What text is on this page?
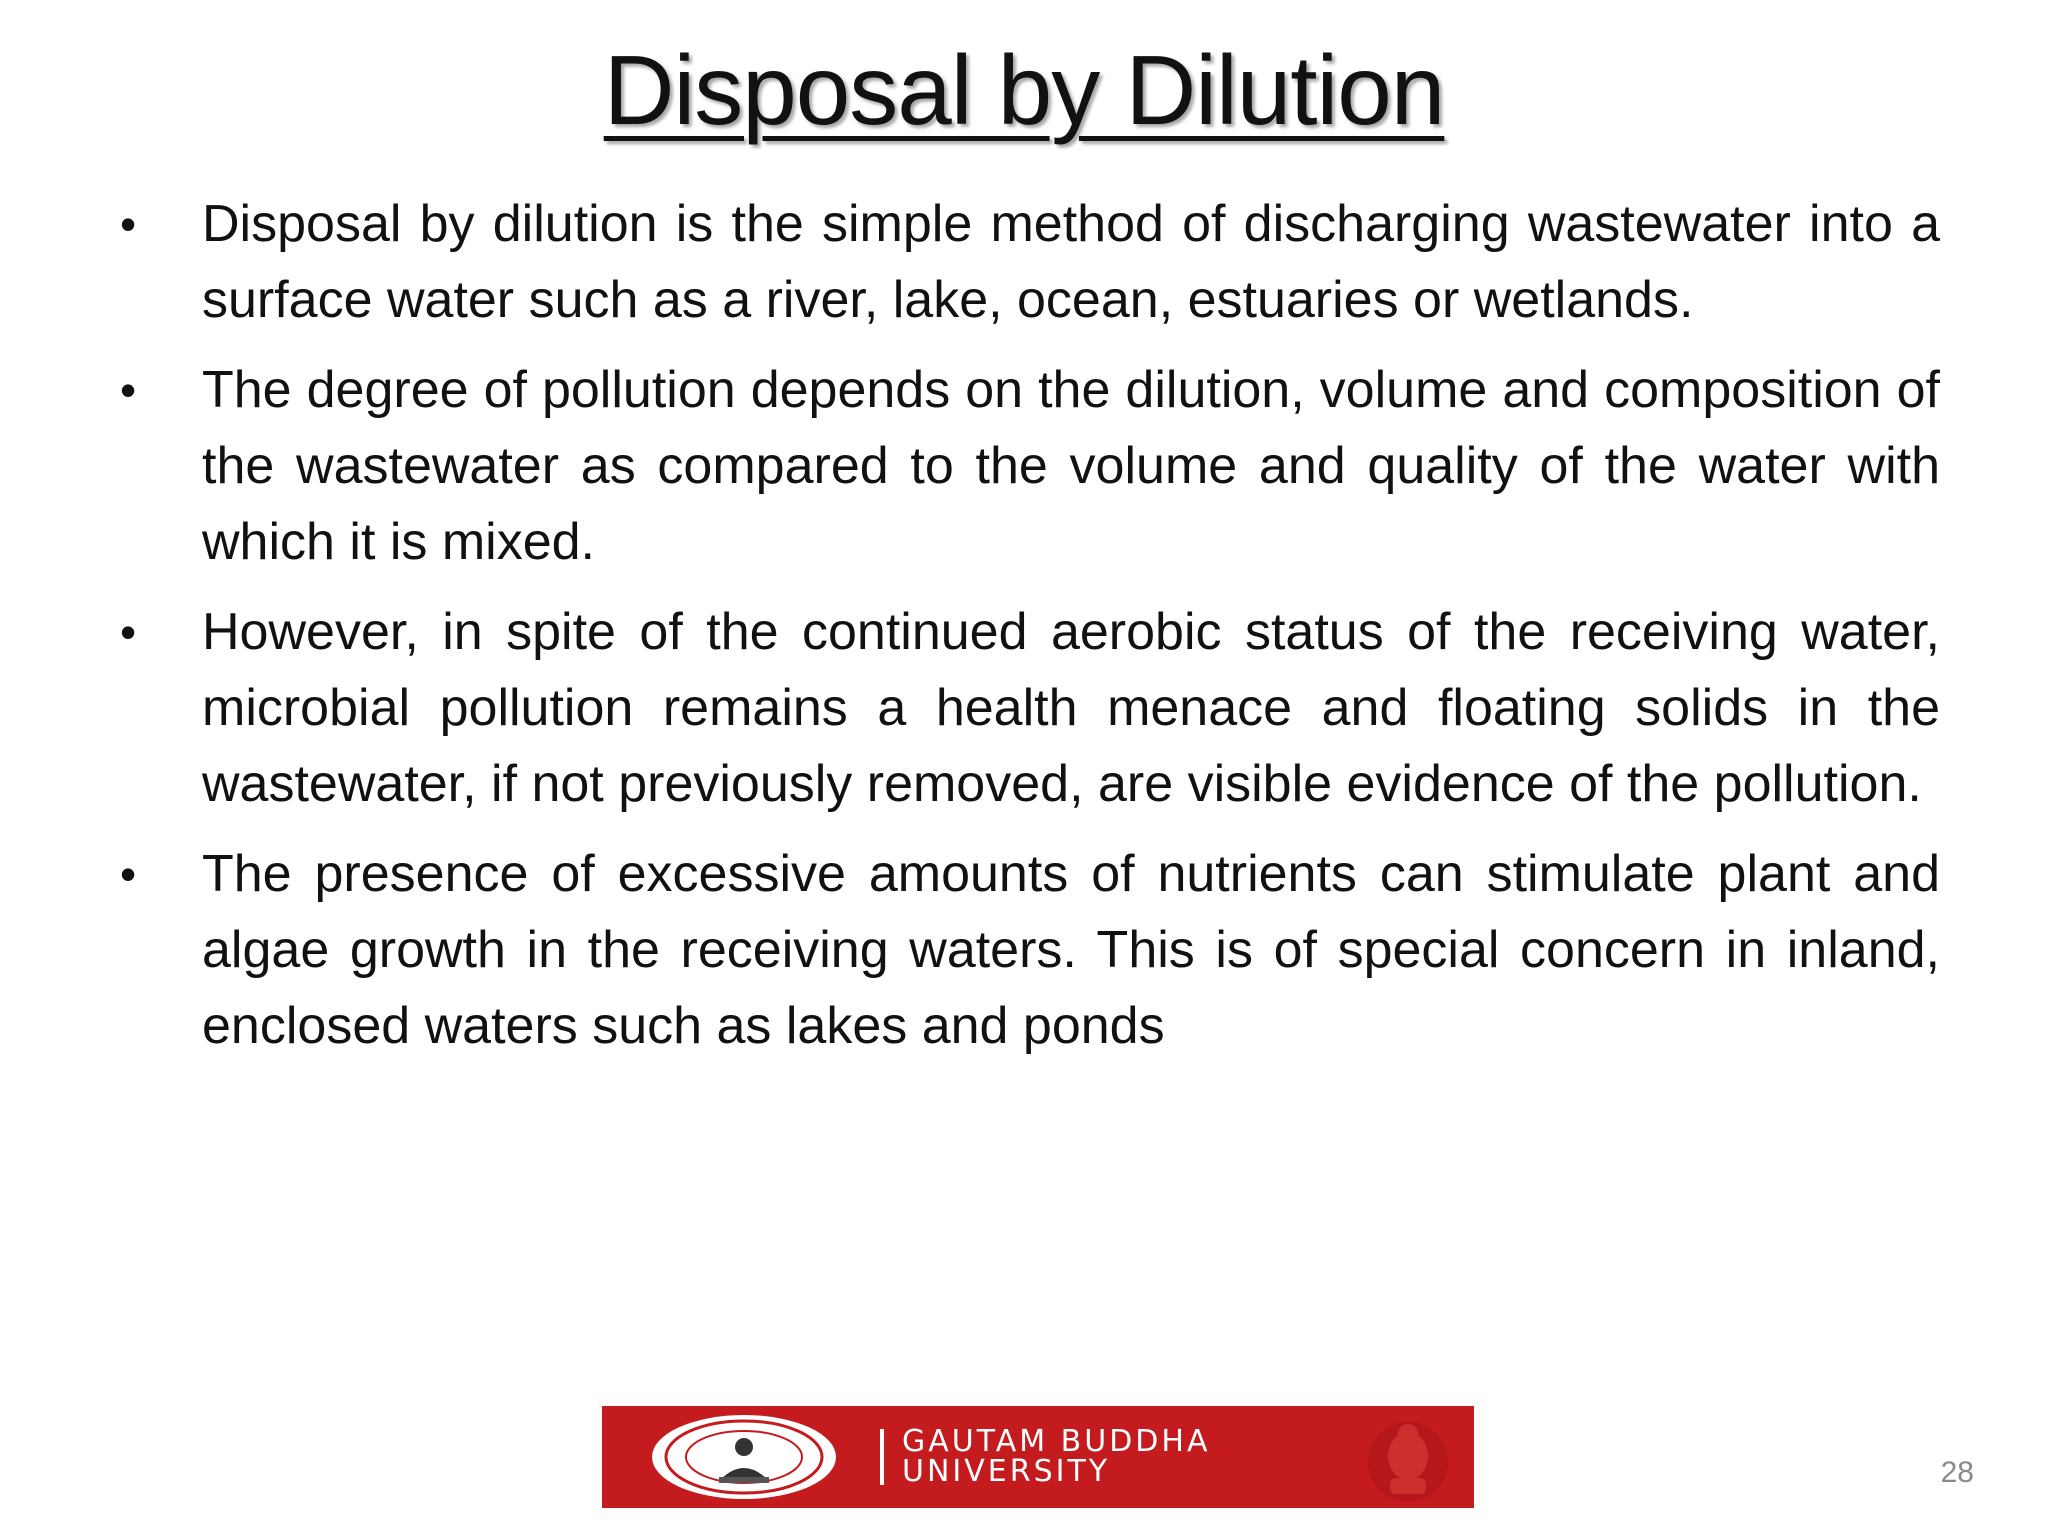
Disposal by Dilution
•	Disposal by dilution is the simple method of discharging wastewater into a surface water such as a river, lake, ocean, estuaries or wetlands.
•	The degree of pollution depends on the dilution, volume and composition of the wastewater as compared to the volume and quality of the water with which it is mixed.
•	However, in spite of the continued aerobic status of the receiving water, microbial pollution remains a health menace and floating solids in the wastewater, if not previously removed, are visible evidence of the pollution.
•	The presence of excessive amounts of nutrients can stimulate plant and algae growth in the receiving waters. This is of special concern in inland, enclosed waters such as lakes and ponds
GAUTAM BUDDHA
UNIVERSITY	28
